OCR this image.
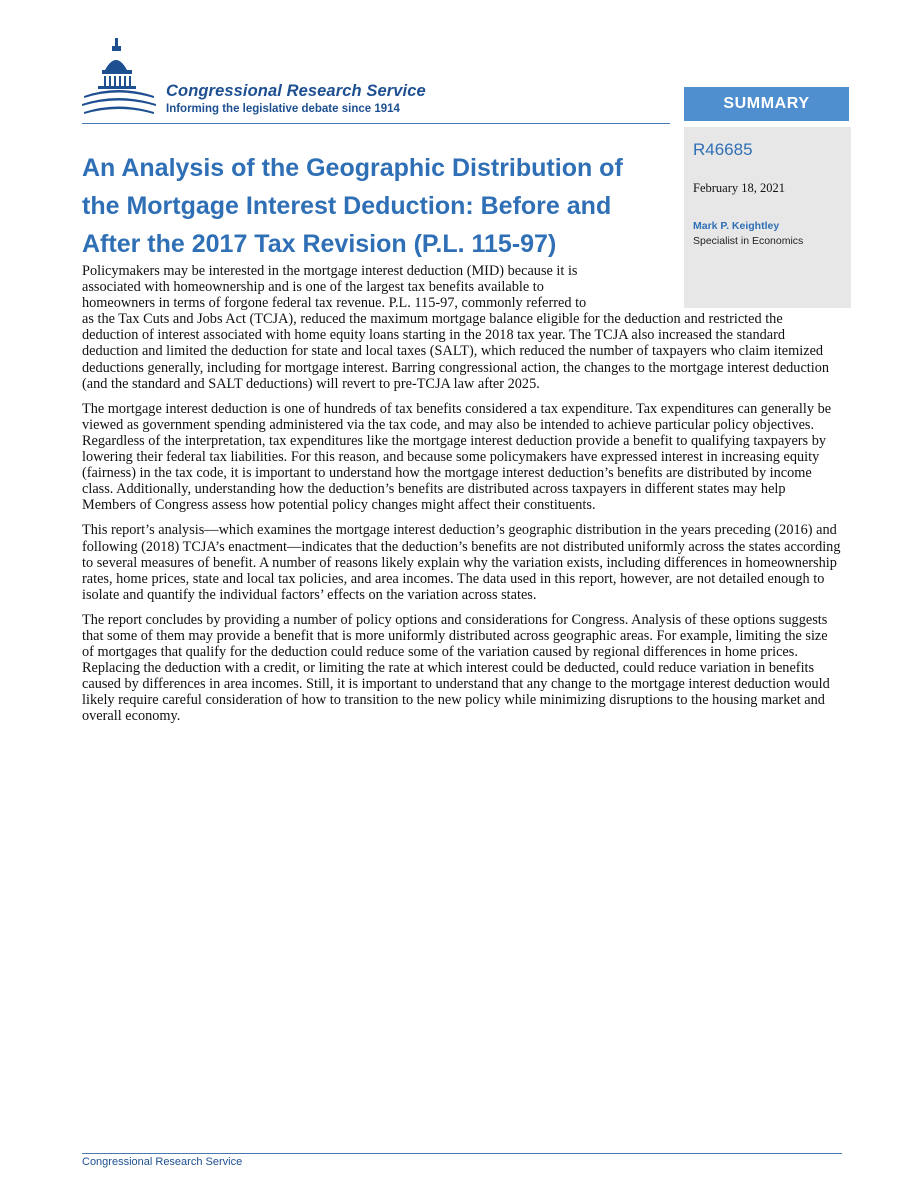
Congressional Research Service

Informing the legislative debate since 1914	SUMMARY

R46685

February 18, 2021

Mark P. Keightley

Specialist in Economics

An Analysis of the Geographic Distribution of
the Mortgage Interest Deduction: Before and
After the 2017 Tax Revision (P.L. 115-97)

Policymakers may be interested in the mortgage interest deduction (MID) because it is
associated with homeownership and is one of the largest tax benefits available to
homeowners in terms of forgone federal tax revenue. P.L. 115-97, commonly referred to
as the Tax Cuts and Jobs Act (TCJA), reduced the maximum mortgage balance eligible for the deduction and restricted the deduction of interest associated with home equity loans starting in the 2018 tax year. The TCJA also increased the standard deduction and limited the deduction for state and local taxes (SALT), which reduced the number of taxpayers who claim itemized deductions generally, including for mortgage interest. Barring congressional action, the changes to the mortgage interest deduction (and the standard and SALT deductions) will revert to pre-TCJA law after 2025.

The mortgage interest deduction is one of hundreds of tax benefits considered a tax expenditure. Tax expenditures can generally be viewed as government spending administered via the tax code, and may also be intended to achieve particular policy objectives. Regardless of the interpretation, tax expenditures like the mortgage interest deduction provide a benefit to qualifying taxpayers by lowering their federal tax liabilities. For this reason, and because some policymakers have expressed interest in increasing equity (fairness) in the tax code, it is important to understand how the mortgage interest deduction’s benefits are distributed by income class. Additionally, understanding how the deduction’s benefits are distributed across taxpayers in different states may help Members of Congress assess how potential policy changes might affect their constituents.

This report’s analysis—which examines the mortgage interest deduction’s geographic distribution in the years preceding (2016) and following (2018) TCJA’s enactment—indicates that the deduction’s benefits are not distributed uniformly across the states according to several measures of benefit. A number of reasons likely explain why the variation exists, including differences in homeownership rates, home prices, state and local tax policies, and area incomes. The data used in this report, however, are not detailed enough to isolate and quantify the individual factors’ effects on the variation across states.

The report concludes by providing a number of policy options and considerations for Congress. Analysis of these options suggests that some of them may provide a benefit that is more uniformly distributed across geographic areas. For example, limiting the size of mortgages that qualify for the deduction could reduce some of the variation caused by regional differences in home prices. Replacing the deduction with a credit, or limiting the rate at which interest could be deducted, could reduce variation in benefits caused by differences in area incomes. Still, it is important to understand that any change to the mortgage interest deduction would likely require careful consideration of how to transition to the new policy while minimizing disruptions to the housing market and overall economy.

Congressional Research Service
